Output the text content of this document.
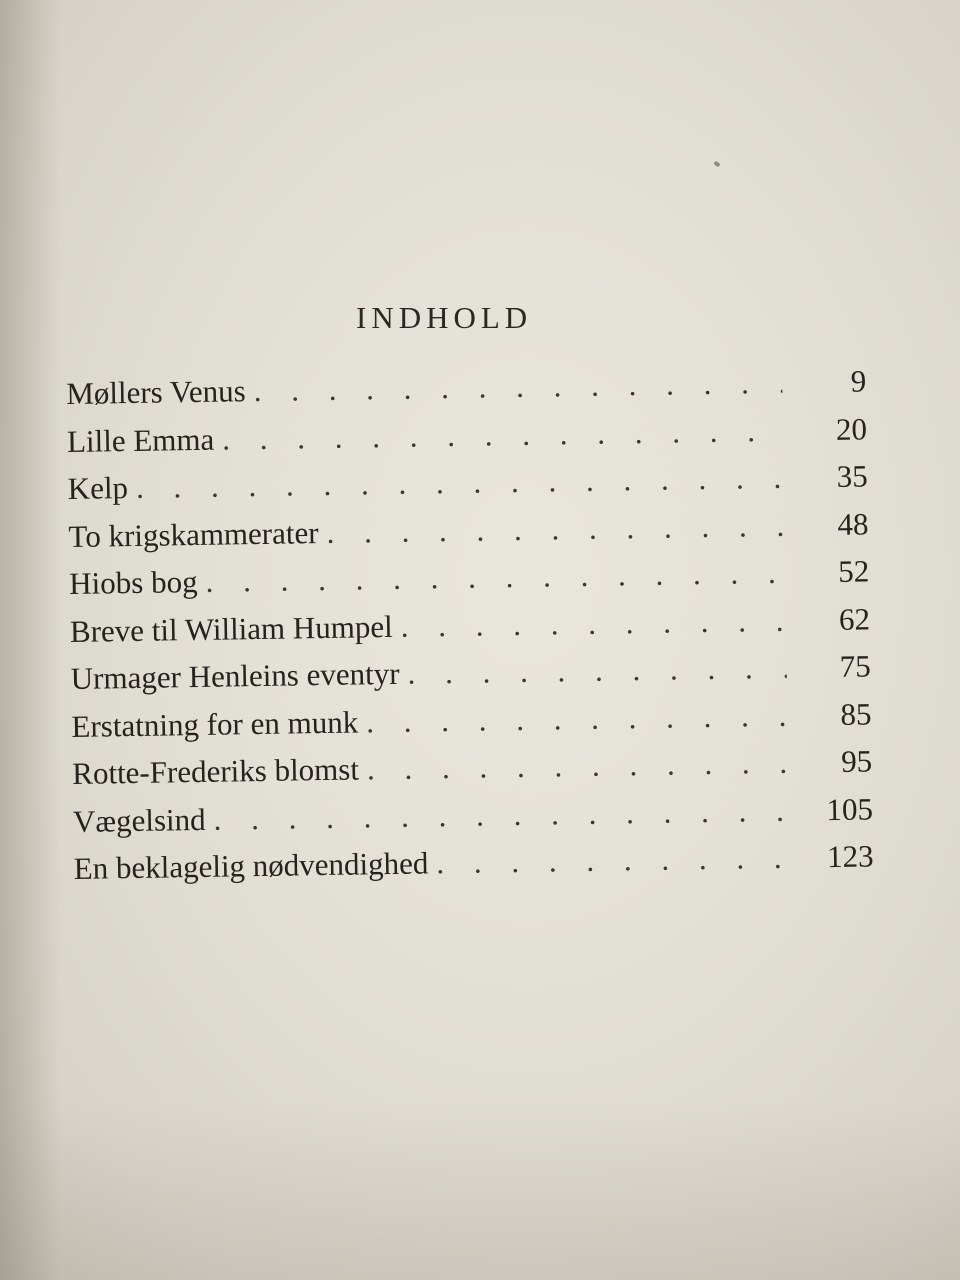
INDHOLD
Møllers Venus . . .	9
Lille Emma . . .	20
Kelp . . .	35
To krigskammerater . . .	48
Hiobs bog . . .	52
Breve til William Humpel . . .	62
Urmager Henleins eventyr . . .	75
Erstatning for en munk . . .	85
Rotte-Frederiks blomst . . .	95
Vægelsind . . .	105
En beklagelig nødvendighed . . .	123
